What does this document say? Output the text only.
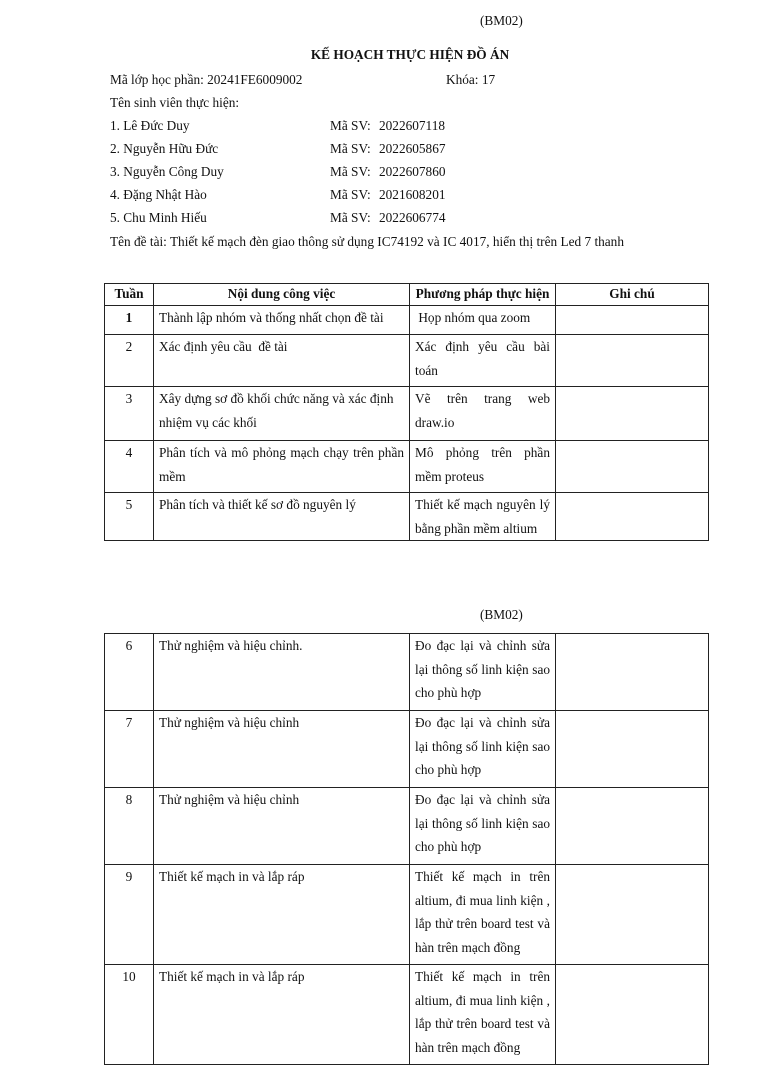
(BM02)
KẾ HOẠCH THỰC HIỆN ĐỒ ÁN
Mã lớp học phần: 20241FE6009002	Khóa: 17
Tên sinh viên thực hiện:
1. Lê Đức Duy	Mã SV: 2022607118
2. Nguyễn Hữu Đức	Mã SV: 2022605867
3. Nguyễn Công Duy	Mã SV: 2022607860
4. Đặng Nhật Hào	Mã SV: 2021608201
5. Chu Minh Hiếu	Mã SV: 2022606774
Tên đề tài: Thiết kế mạch đèn giao thông sử dụng IC74192 và IC 4017, hiển thị trên Led 7 thanh
Tuần	Nội dung công việc	Phương pháp thực hiện	Ghi chú
1	Thành lập nhóm và thống nhất chọn đề tài	Họp nhóm qua zoom	
2	Xác định yêu cầu  đề tài	Xác định yêu cầu bài toán	
3	Xây dựng sơ đồ khối chức năng và xác định nhiệm vụ các khối	Vẽ trên trang web draw.io	
4	Phân tích và mô phỏng mạch chạy trên phần mềm	Mô phỏng trên phần mềm proteus	
5	Phân tích và thiết kế sơ đồ nguyên lý	Thiết kế mạch nguyên lý bằng phần mềm altium	
(BM02)
6	Thử nghiệm và hiệu chỉnh.	Đo đạc lại và chỉnh sửa lại thông số linh kiện sao cho phù hợp	
7	Thử nghiệm và hiệu chỉnh	Đo đạc lại và chỉnh sửa lại thông số linh kiện sao cho phù hợp	
8	Thử nghiệm và hiệu chỉnh	Đo đạc lại và chỉnh sửa lại thông số linh kiện sao cho phù hợp	
9	Thiết kế mạch in và lắp ráp	Thiết kế mạch in trên altium, đi mua linh kiện , lắp thử trên board test và hàn trên mạch đồng	
10	Thiết kế mạch in và lắp ráp	Thiết kế mạch in trên altium, đi mua linh kiện , lắp thử trên board test và hàn trên mạch đồng	
